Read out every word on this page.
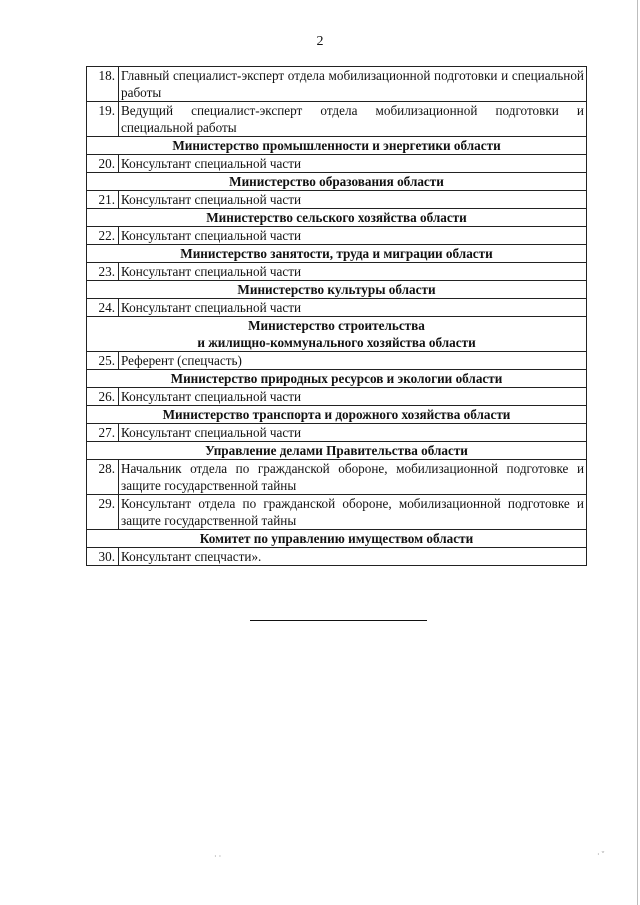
2
18.	Главный специалист-эксперт отдела мобилизационной подготовки и специальной работы
19.	Ведущий специалист-эксперт отдела мобилизационной подготовки и специальной работы
Министерство промышленности и энергетики области	
20.	Консультант специальной части
Министерство образования области	
21.	Консультант специальной части
Министерство сельского хозяйства области	
22.	Консультант специальной части
Министерство занятости, труда и миграции области	
23.	Консультант специальной части
Министерство культуры области	
24.	Консультант специальной части
Министерство строительства
и жилищно-коммунального хозяйства области	
25.	Референт (спецчасть)
Министерство природных ресурсов и экологии области	
26.	Консультант специальной части
Министерство транспорта и дорожного хозяйства области	
27.	Консультант специальной части
Управление делами Правительства области	
28.	Начальник отдела по гражданской обороне, мобилизационной подготовке и защите государственной тайны
29.	Консультант отдела по гражданской обороне, мобилизационной подготовке и защите государственной тайны
Комитет по управлению имуществом области	
30.	Консультант спецчасти».
· ·	· ˇ
